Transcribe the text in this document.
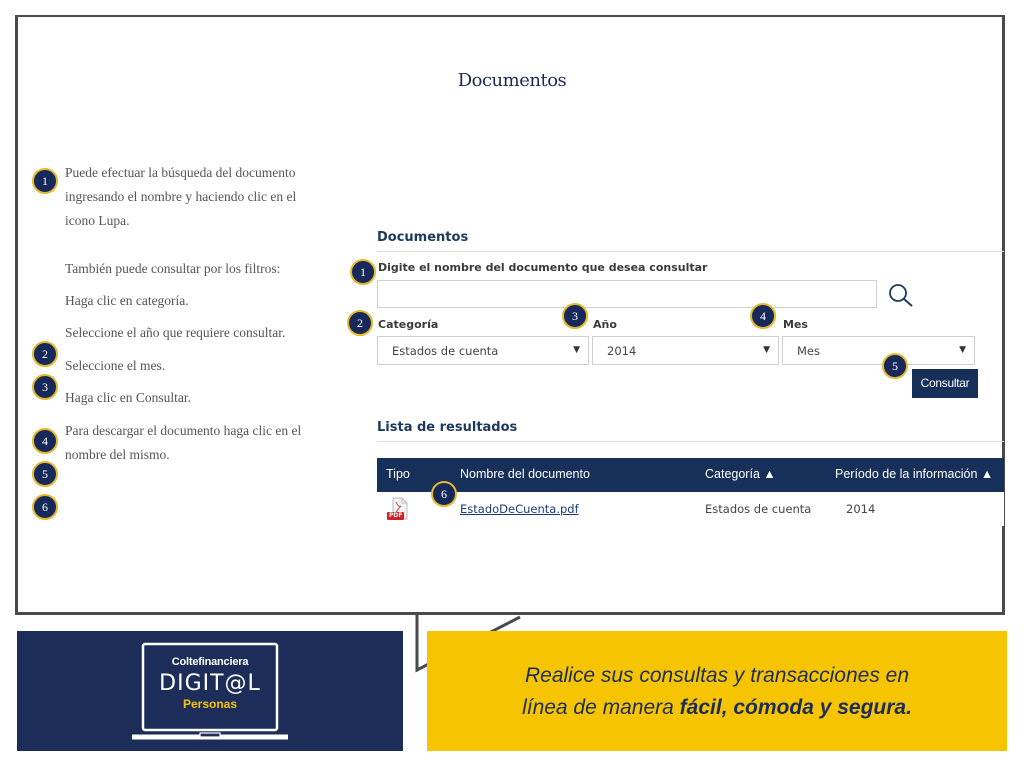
Documentos
1
Puede efectuar la búsqueda del documento ingresando el nombre y haciendo clic en el icono Lupa.
También puede consultar por los filtros:
Haga clic en categoría.
Seleccione el año que requiere consultar.
2
Seleccione el mes.
3
Haga clic en Consultar.
4
Para descargar el documento haga clic en el nombre del mismo.
5
6
Documentos
1	Digite el nombre del documento que desea consultar
2	Categoría
Estados de cuenta	▼
3
Año
2014	▼
4
Mes
Mes	▼
5
Consultar
Lista de resultados
Tipo	Nombre del documento	Categoría ▲	Período de la información ▲
PDF	EstadoDeCuenta.pdf	Estados de cuenta	2014
6
Coltefinanciera
DIGIT@L
Personas
Realice sus consultas y transacciones en
línea de manera fácil, cómoda y segura.
